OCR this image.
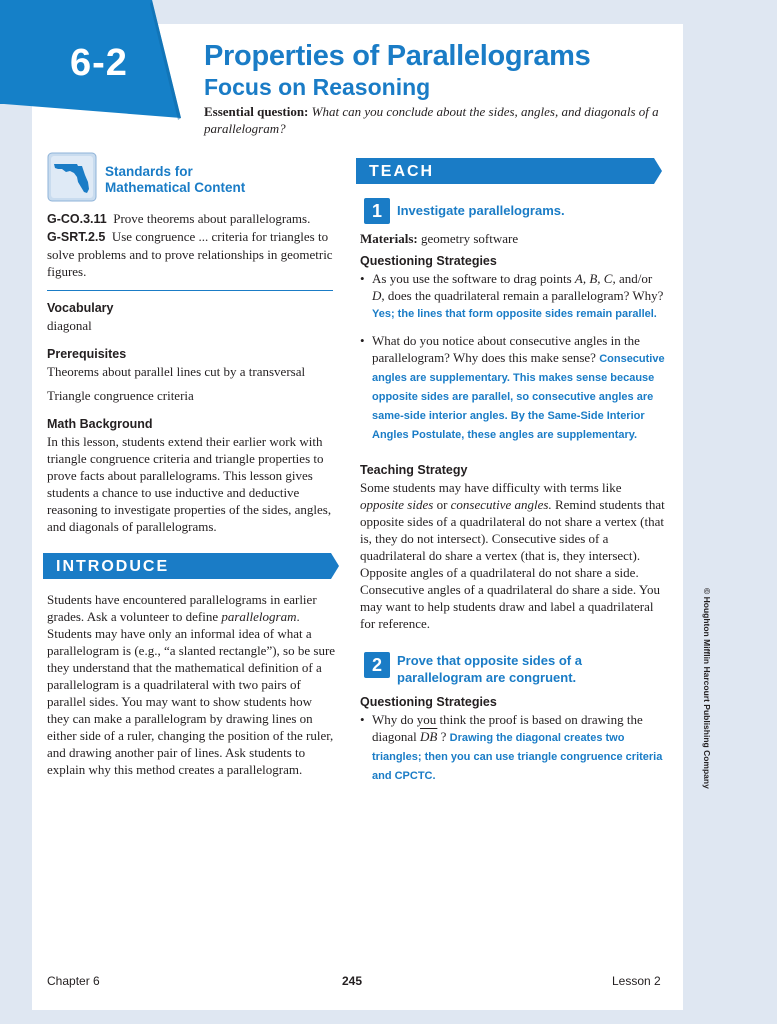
6-2	Properties of Parallelograms
Focus on Reasoning
Essential question: What can you conclude about the sides, angles, and diagonals of a parallelogram?
Standards for
Mathematical Content
G-CO.3.11 Prove theorems about parallelograms.
G-SRT.2.5 Use congruence ... criteria for triangles to solve problems and to prove relationships in geometric figures.
Vocabulary
diagonal
Prerequisites
Theorems about parallel lines cut by a transversal
Triangle congruence criteria
Math Background
In this lesson, students extend their earlier work with triangle congruence criteria and triangle properties to prove facts about parallelograms. This lesson gives students a chance to use inductive and deductive reasoning to investigate properties of the sides, angles, and diagonals of parallelograms.
INTRODUCE
Students have encountered parallelograms in earlier grades. Ask a volunteer to define parallelogram. Students may have only an informal idea of what a parallelogram is (e.g., “a slanted rectangle”), so be sure they understand that the mathematical definition of a parallelogram is a quadrilateral with two pairs of parallel sides. You may want to show students how they can make a parallelogram by drawing lines on either side of a ruler, changing the position of the ruler, and drawing another pair of lines. Ask students to explain why this method creates a parallelogram.
TEACH
1	Investigate parallelograms.
Materials: geometry software
Questioning Strategies
• As you use the software to drag points A, B, C, and/or D, does the quadrilateral remain a parallelogram? Why? Yes; the lines that form opposite sides remain parallel.
• What do you notice about consecutive angles in the parallelogram? Why does this make sense? Consecutive angles are supplementary. This makes sense because opposite sides are parallel, so consecutive angles are same-side interior angles. By the Same-Side Interior Angles Postulate, these angles are supplementary.
Teaching Strategy
Some students may have difficulty with terms like opposite sides or consecutive angles. Remind students that opposite sides of a quadrilateral do not share a vertex (that is, they do not intersect). Consecutive sides of a quadrilateral do share a vertex (that is, they intersect). Opposite angles of a quadrilateral do not share a side. Consecutive angles of a quadrilateral do share a side. You may want to help students draw and label a quadrilateral for reference.
2	Prove that opposite sides of a parallelogram are congruent.
Questioning Strategies
• Why do you think the proof is based on drawing the diagonal $\overline{DB}$ ? Drawing the diagonal creates two triangles; then you can use triangle congruence criteria and CPCTC.	© Houghton Mifflin Harcourt Publishing Company
Chapter 6	245	Lesson 2
